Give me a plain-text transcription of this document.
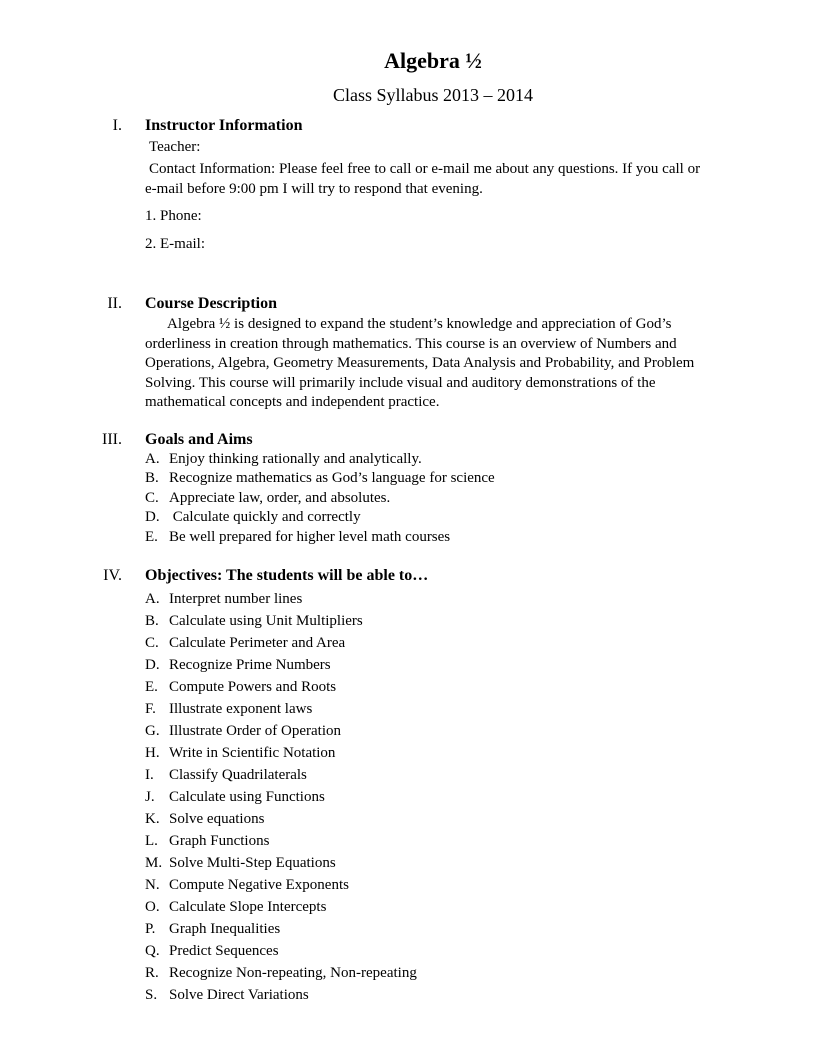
Algebra ½
Class Syllabus 2013 – 2014
I. Instructor Information
Teacher:
Contact Information: Please feel free to call or e-mail me about any questions. If you call or
e-mail before 9:00 pm I will try to respond that evening.
1. Phone:
2. E-mail:
II. Course Description
Algebra ½ is designed to expand the student’s knowledge and appreciation of God’s
orderliness in creation through mathematics. This course is an overview of Numbers and
Operations, Algebra, Geometry Measurements, Data Analysis and Probability, and Problem
Solving. This course will primarily include visual and auditory demonstrations of the
mathematical concepts and independent practice.
III. Goals and Aims
A. Enjoy thinking rationally and analytically.
B. Recognize mathematics as God’s language for science
C. Appreciate law, order, and absolutes.
D. Calculate quickly and correctly
E. Be well prepared for higher level math courses
IV. Objectives: The students will be able to…
A. Interpret number lines
B. Calculate using Unit Multipliers
C. Calculate Perimeter and Area
D. Recognize Prime Numbers
E. Compute Powers and Roots
F. Illustrate exponent laws
G. Illustrate Order of Operation
H. Write in Scientific Notation
I. Classify Quadrilaterals
J. Calculate using Functions
K. Solve equations
L. Graph Functions
M. Solve Multi-Step Equations
N. Compute Negative Exponents
O. Calculate Slope Intercepts
P. Graph Inequalities
Q. Predict Sequences
R. Recognize Non-repeating, Non-repeating
S. Solve Direct Variations
